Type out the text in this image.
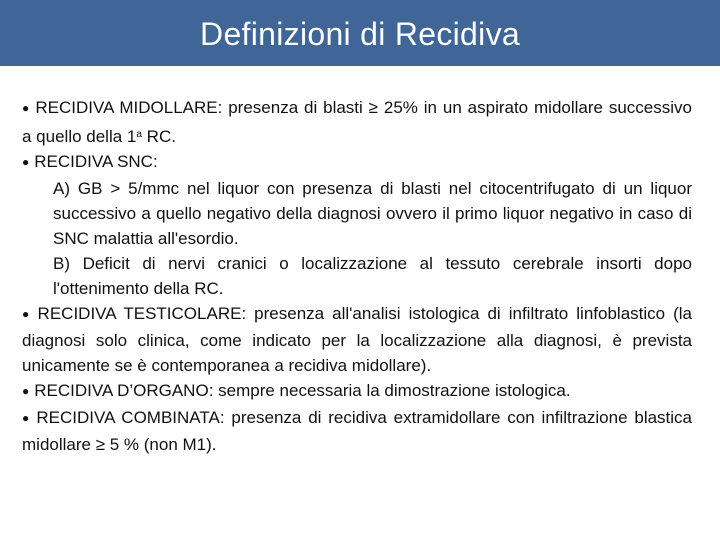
Definizioni di Recidiva

● RECIDIVA MIDOLLARE: presenza di blasti ≥ 25% in un aspirato midollare successivo a quello della 1$^a$ RC.

● RECIDIVA SNC:

A) GB > 5/mmc nel liquor con presenza di blasti nel citocentrifugato di un liquor successivo a quello negativo della diagnosi ovvero il primo liquor negativo in caso di SNC malattia all'esordio.

B) Deficit di nervi cranici o localizzazione al tessuto cerebrale insorti dopo l'ottenimento della RC.

● RECIDIVA TESTICOLARE: presenza all'analisi istologica di infiltrato linfoblastico (la diagnosi solo clinica, come indicato per la localizzazione alla diagnosi, è prevista unicamente se è contemporanea a recidiva midollare).

● RECIDIVA D’ORGANO: sempre necessaria la dimostrazione istologica.

● RECIDIVA COMBINATA: presenza di recidiva extramidollare con infiltrazione blastica midollare ≥ 5 % (non M1).
